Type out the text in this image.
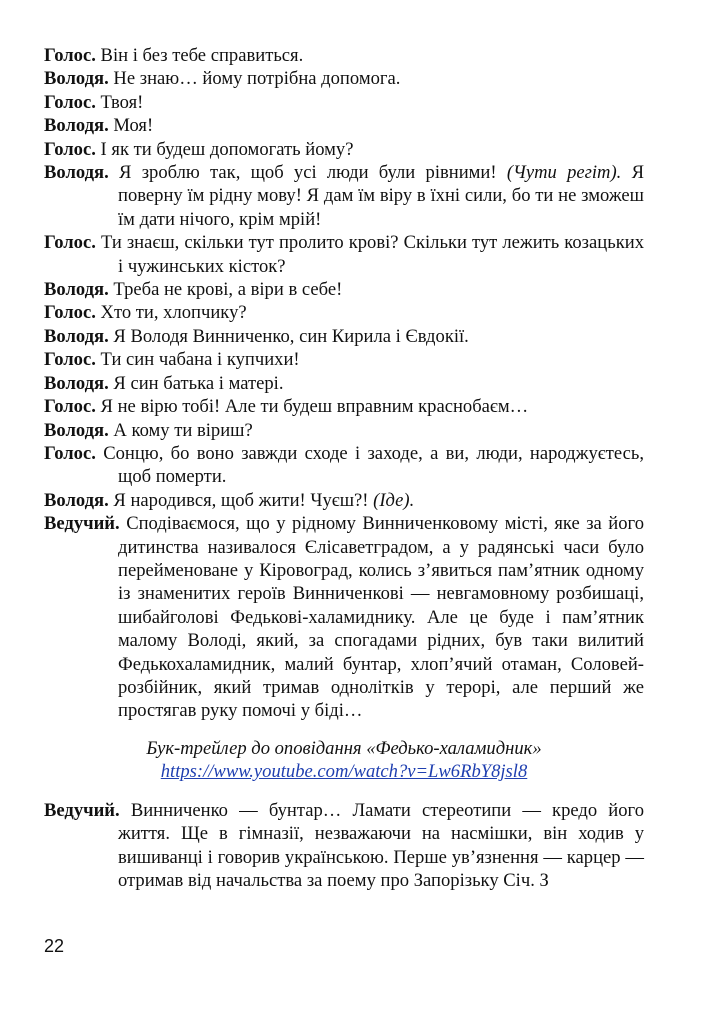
Голос. Він і без тебе справиться.

Володя. Не знаю… йому потрібна допомога.

Голос. Твоя!

Володя. Моя!

Голос. І як ти будеш допомогать йому?

Володя. Я зроблю так, щоб усі люди були рівними! (Чути регіт). Я поверну їм рідну мову! Я дам їм віру в їхні сили, бо ти не зможеш їм дати нічого, крім мрій!

Голос. Ти знаєш, скільки тут пролито крові? Скільки тут лежить козацьких і чужинських кісток?

Володя. Треба не крові, а віри в себе!

Голос. Хто ти, хлопчику?

Володя. Я Володя Винниченко, син Кирила і Євдокії.

Голос. Ти син чабана і купчихи!

Володя. Я син батька і матері.

Голос. Я не вірю тобі! Але ти будеш вправним краснобаєм…

Володя. А кому ти віриш?

Голос. Сонцю, бо воно завжди сходе і заходе, а ви, люди, народжуєтесь, щоб померти.

Володя. Я народився, щоб жити! Чуєш?! (Іде).

Ведучий. Сподіваємося, що у рідному Винниченковому місті, яке за його дитинства називалося Єлісаветградом, а у радянські часи було перейменоване у Кіровоград, колись з’явиться пам’ятник одному із знаменитих героїв Винниченкові — невгамовному розбишаці, шибайголові Федькові-халамиднику. Але це буде і пам’ятник малому Володі, який, за спогадами рідних, був таки вилитий Федькохаламидник, малий бунтар, хлоп’ячий отаман, Соловей-розбійник, який тримав однолітків у терорі, але перший же простягав руку помочі у біді…

Бук-трейлер до оповідання «Федько-халамидник»
https://www.youtube.com/watch?v=Lw6RbY8jsl8

Ведучий. Винниченко — бунтар… Ламати стереотипи — кредо його життя. Ще в гімназії, незважаючи на насмішки, він ходив у вишиванці і говорив українською. Перше ув’язнення — карцер — отримав від начальства за поему про Запорізьку Січ. З

22
